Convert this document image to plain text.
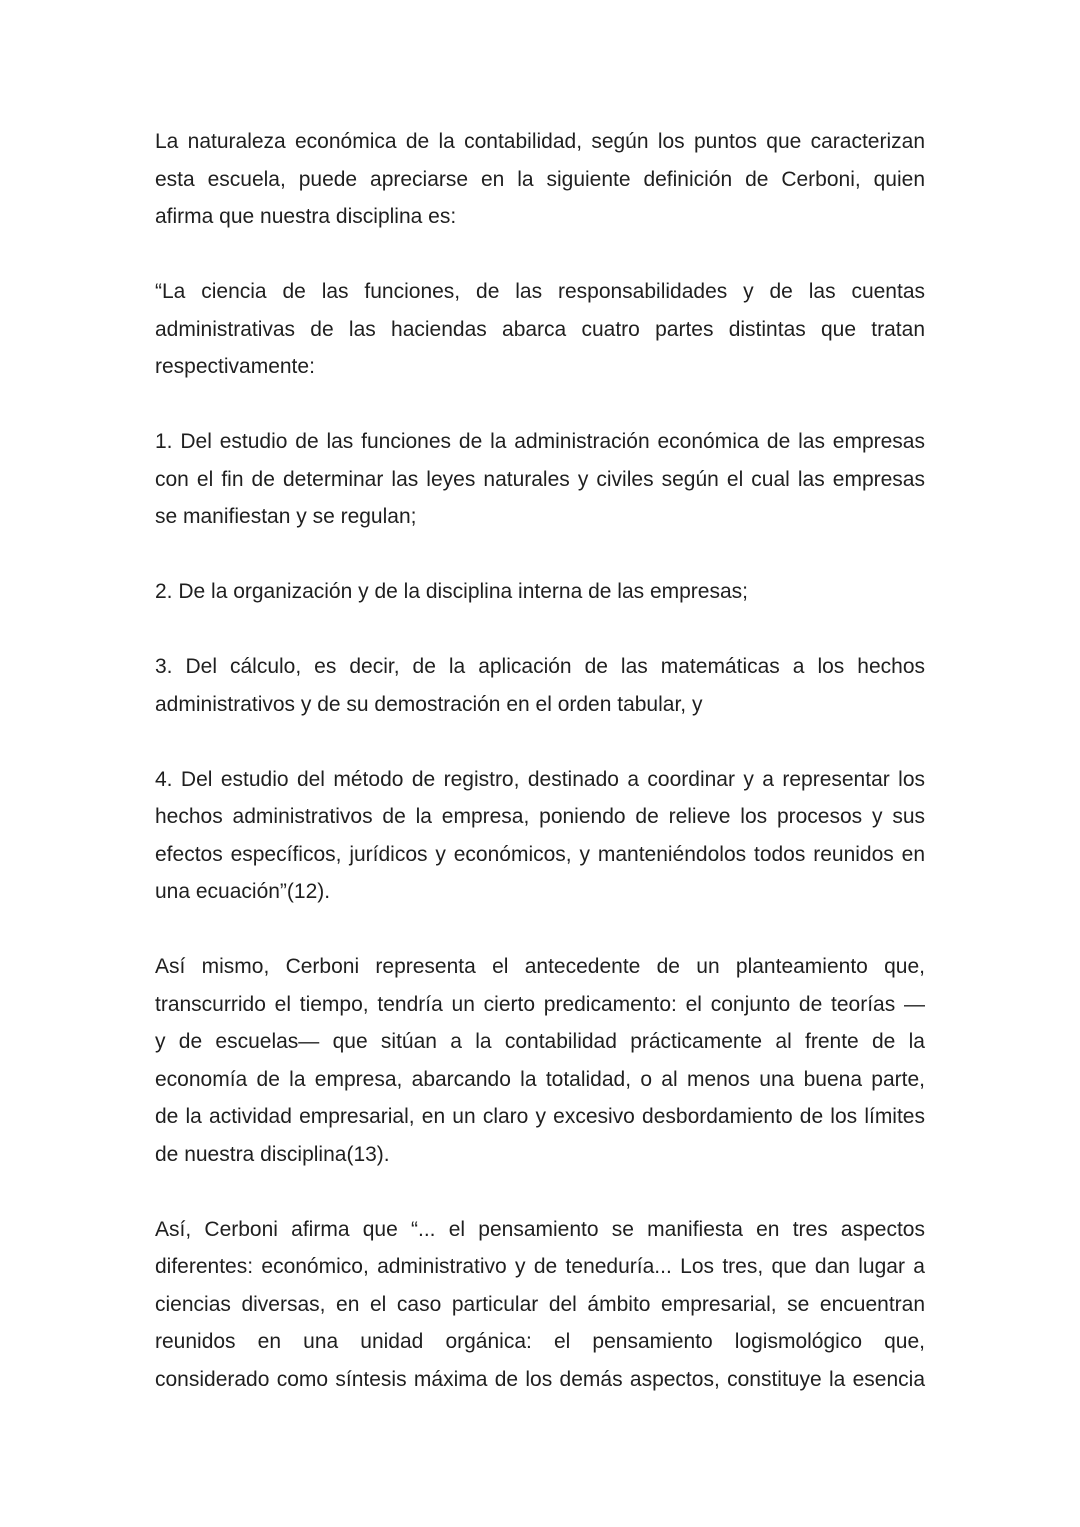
La naturaleza económica de la contabilidad, según los puntos que caracterizan
esta escuela, puede apreciarse en la siguiente definición de Cerboni, quien
afirma que nuestra disciplina es:
“La ciencia de las funciones, de las responsabilidades y de las cuentas
administrativas de las haciendas abarca cuatro partes distintas que tratan
respectivamente:
1. Del estudio de las funciones de la administración económica de las empresas
con el fin de determinar las leyes naturales y civiles según el cual las empresas
se manifiestan y se regulan;
2. De la organización y de la disciplina interna de las empresas;
3. Del cálculo, es decir, de la aplicación de las matemáticas a los hechos
administrativos y de su demostración en el orden tabular, y
4. Del estudio del método de registro, destinado a coordinar y a representar los
hechos administrativos de la empresa, poniendo de relieve los procesos y sus
efectos específicos, jurídicos y económicos, y manteniéndolos todos reunidos en
una ecuación”(12).
Así mismo, Cerboni representa el antecedente de un planteamiento que,
transcurrido el tiempo, tendría un cierto predicamento: el conjunto de teorías —
y de escuelas— que sitúan a la contabilidad prácticamente al frente de la
economía de la empresa, abarcando la totalidad, o al menos una buena parte,
de la actividad empresarial, en un claro y excesivo desbordamiento de los límites
de nuestra disciplina(13).
Así, Cerboni afirma que “... el pensamiento se manifiesta en tres aspectos
diferentes: económico, administrativo y de teneduría... Los tres, que dan lugar a
ciencias diversas, en el caso particular del ámbito empresarial, se encuentran
reunidos en una unidad orgánica: el pensamiento logismológico que,
considerado como síntesis máxima de los demás aspectos, constituye la esencia
